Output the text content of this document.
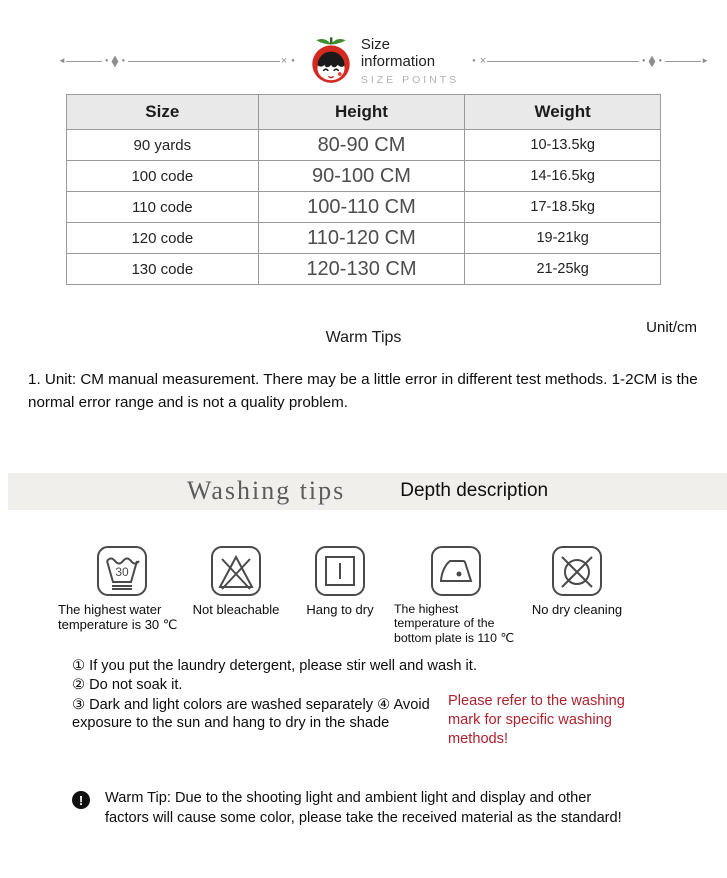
◄	● ◆ ●	× ●
Size
information
SIZE POINTS
● ×	● ◆ ●	►
Size	Height	Weight
90 yards	80-90 CM	10-13.5kg
100 code	90-100 CM	14-16.5kg
110 code	100-110 CM	17-18.5kg
120 code	110-120 CM	19-21kg
130 code	120-130 CM	21-25kg
Warm Tips
Unit/cm

1. Unit: CM manual measurement. There may be a little error in different test methods. 1-2CM is the normal error range and is not a quality problem.

Washing tips	Depth description
30
The highest water temperature is 30 ℃
Not bleachable Hang to dry The highest temperature of the bottom plate is 110 ℃
No dry cleaning

① If you put the laundry detergent, please stir well and wash it.

② Do not soak it.

③ Dark and light colors are washed separately ④ Avoid exposure to the sun and hang to dry in the shade

Please refer to the washing mark for specific washing methods!
!	Warm Tip: Due to the shooting light and ambient light and display and other factors will cause some color, please take the received material as the standard!
